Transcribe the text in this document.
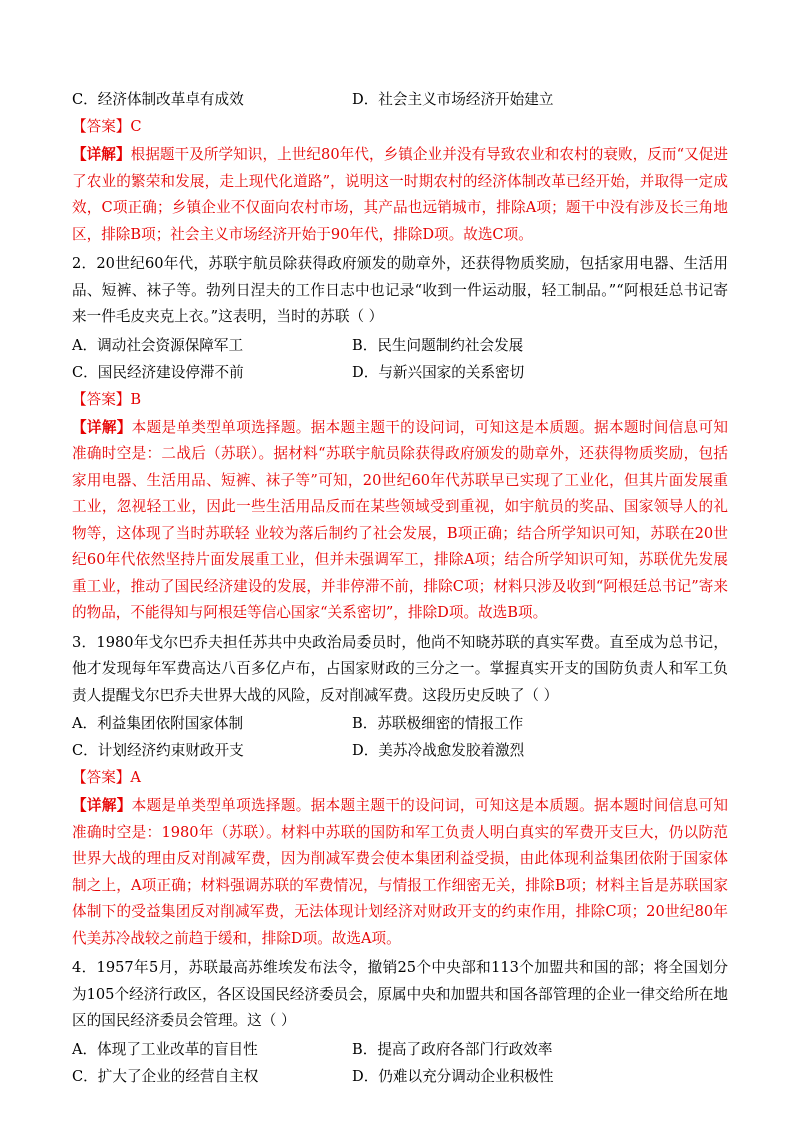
C．经济体制改革卓有成效	D．社会主义市场经济开始建立
【答案】C
【详解】根据题干及所学知识，上世纪80年代，乡镇企业并没有导致农业和农村的衰败，反而“又促进了农业的繁荣和发展，走上现代化道路”，说明这一时期农村的经济体制改革已经开始，并取得一定成效，C项正确；乡镇企业不仅面向农村市场，其产品也远销城市，排除A项；题干中没有涉及长三角地区，排除B项；社会主义市场经济开始于90年代，排除D项。故选C项。
2．20世纪60年代，苏联宇航员除获得政府颁发的勋章外，还获得物质奖励，包括家用电器、生活用品、短裤、袜子等。勃列日涅夫的工作日志中也记录“收到一件运动服，轻工制品。”“阿根廷总书记寄来一件毛皮夹克上衣。”这表明，当时的苏联（ ）
A．调动社会资源保障军工	B．民生问题制约社会发展
C．国民经济建设停滞不前	D．与新兴国家的关系密切
【答案】B
【详解】本题是单类型单项选择题。据本题主题干的设问词，可知这是本质题。据本题时间信息可知准确时空是：二战后（苏联）。据材料“苏联宇航员除获得政府颁发的勋章外，还获得物质奖励，包括家用电器、生活用品、短裤、袜子等”可知，20世纪60年代苏联早已实现了工业化，但其片面发展重工业，忽视轻工业，因此一些生活用品反而在某些领域受到重视，如宇航员的奖品、国家领导人的礼物等，这体现了当时苏联轻 业较为落后制约了社会发展，B项正确；结合所学知识可知，苏联在20世纪60年代依然坚持片面发展重工业，但并未强调军工，排除A项；结合所学知识可知，苏联优先发展重工业，推动了国民经济建设的发展，并非停滞不前，排除C项；材料只涉及收到“阿根廷总书记”寄来的物品，不能得知与阿根廷等信心国家“关系密切”，排除D项。故选B项。
3．1980年戈尔巴乔夫担任苏共中央政治局委员时，他尚不知晓苏联的真实军费。直至成为总书记，他才发现每年军费高达八百多亿卢布，占国家财政的三分之一。掌握真实开支的国防负责人和军工负责人提醒戈尔巴乔夫世界大战的风险，反对削减军费。这段历史反映了（ ）
A．利益集团依附国家体制	B．苏联极细密的情报工作
C．计划经济约束财政开支	D．美苏冷战愈发胶着激烈
【答案】A
【详解】本题是单类型单项选择题。据本题主题干的设问词，可知这是本质题。据本题时间信息可知准确时空是：1980年（苏联）。材料中苏联的国防和军工负责人明白真实的军费开支巨大，仍以防范世界大战的理由反对削减军费，因为削减军费会使本集团利益受损，由此体现利益集团依附于国家体制之上，A项正确；材料强调苏联的军费情况，与情报工作细密无关，排除B项；材料主旨是苏联国家体制下的受益集团反对削减军费，无法体现计划经济对财政开支的约束作用，排除C项；20世纪80年代美苏冷战较之前趋于缓和，排除D项。故选A项。
4．1957年5月，苏联最高苏维埃发布法令，撤销25个中央部和113个加盟共和国的部；将全国划分为105个经济行政区，各区设国民经济委员会，原属中央和加盟共和国各部管理的企业一律交给所在地区的国民经济委员会管理。这（ ）
A．体现了工业改革的盲目性	B．提高了政府各部门行政效率
C．扩大了企业的经营自主权	D．仍难以充分调动企业积极性
